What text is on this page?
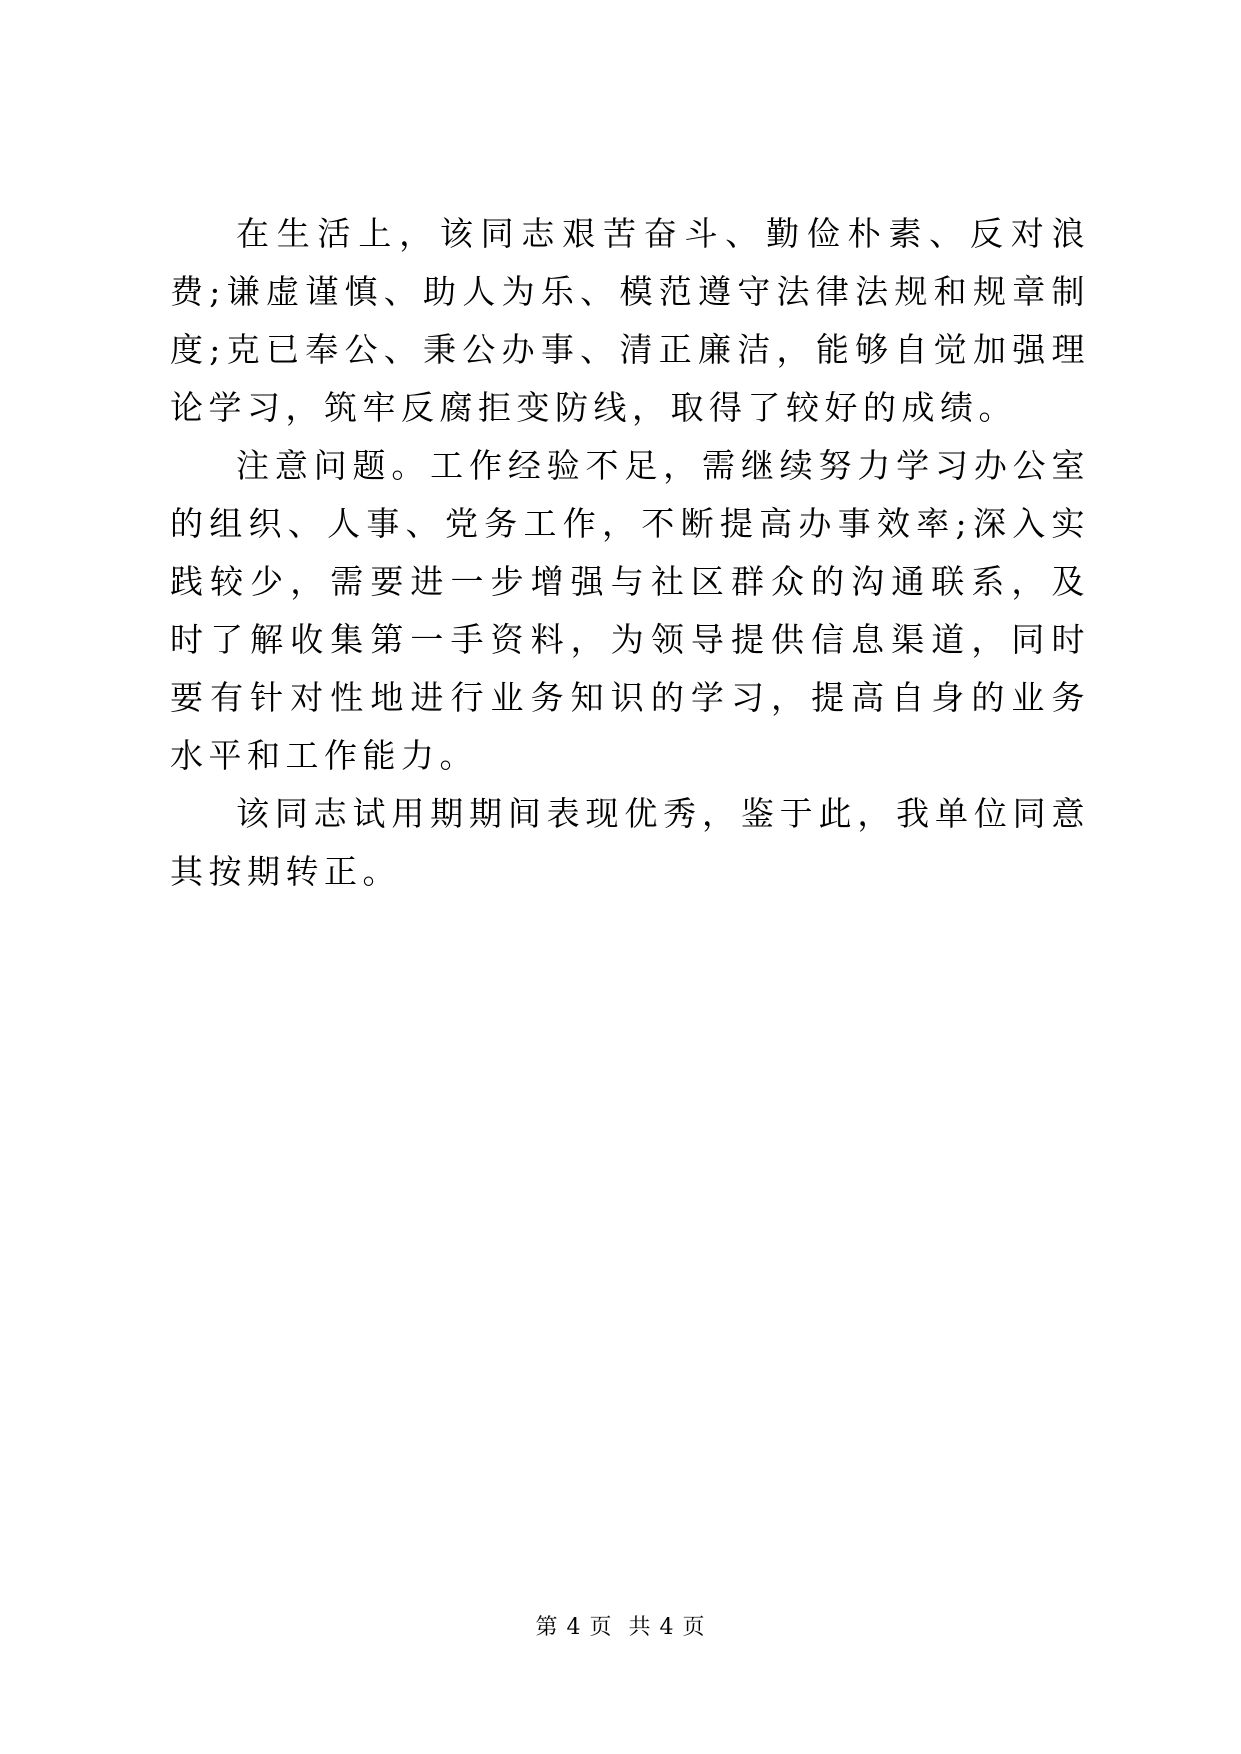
在生活上，该同志艰苦奋斗、勤俭朴素、反对浪费;谦虚谨慎、助人为乐、模范遵守法律法规和规章制度;克已奉公、秉公办事、清正廉洁，能够自觉加强理论学习，筑牢反腐拒变防线，取得了较好的成绩。

注意问题。工作经验不足，需继续努力学习办公室的组织、人事、党务工作，不断提高办事效率;深入实践较少，需要进一步增强与社区群众的沟通联系，及时了解收集第一手资料，为领导提供信息渠道，同时要有针对性地进行业务知识的学习，提高自身的业务水平和工作能力。

该同志试用期期间表现优秀，鉴于此，我单位同意其按期转正。

第 4 页 共 4 页
